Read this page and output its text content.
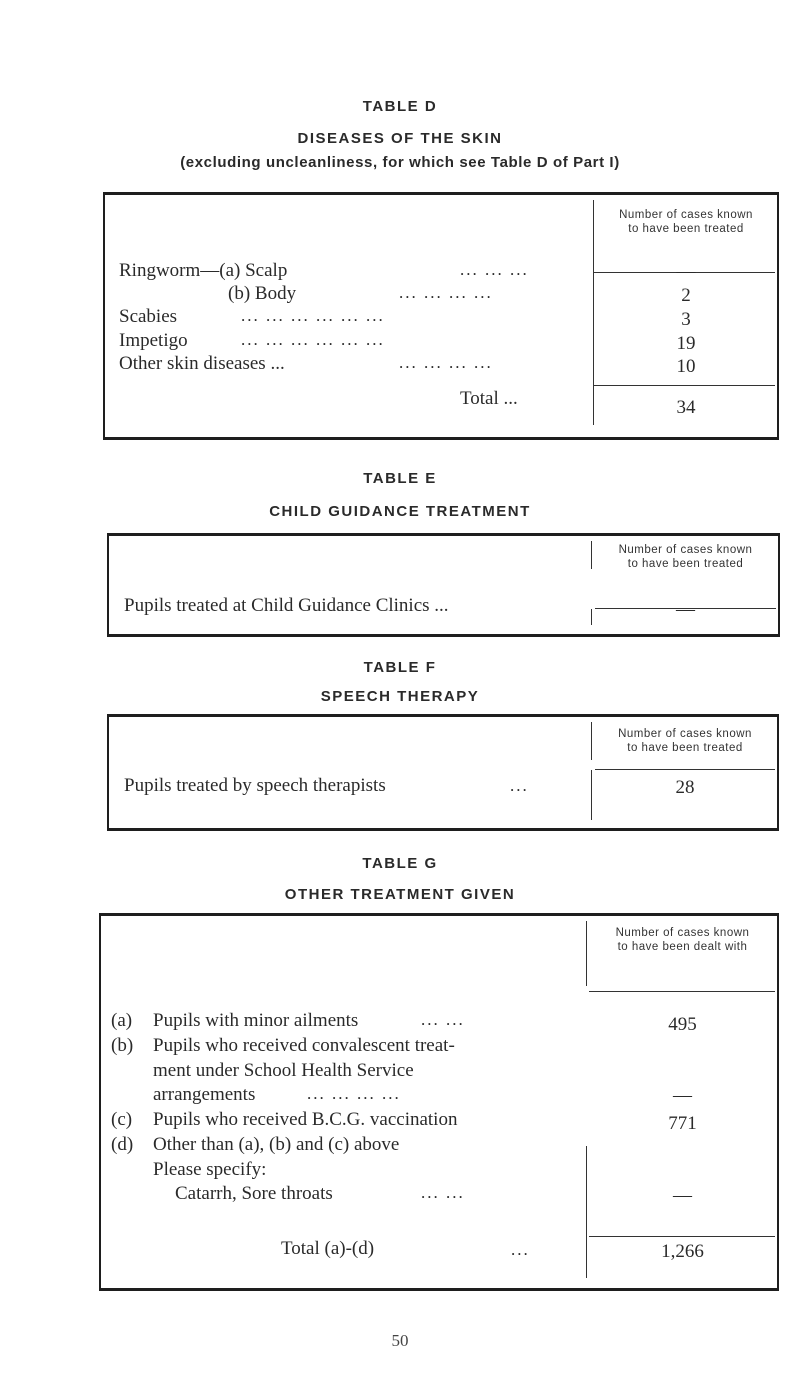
TABLE D
DISEASES OF THE SKIN
(excluding uncleanliness, for which see Table D of Part I)
Number of cases known
to have been treated
Ringworm—(a) Scalp	... ... ...	—
(b) Body	... ... ... ...	2
Scabies	... ... ... ... ... ...	3
Impetigo	... ... ... ... ... ...	19
Other skin diseases ...	... ... ... ...	10
Total ...	34
TABLE E
CHILD GUIDANCE TREATMENT
Number of cases known
to have been treated
Pupils treated at Child Guidance Clinics ...	—
TABLE F
SPEECH THERAPY
Number of cases known
to have been treated
Pupils treated by speech therapists	...	28
TABLE G
OTHER TREATMENT GIVEN
Number of cases known
to have been dealt with
(a) Pupils with minor ailments	... ...	495
(b) Pupils who received convalescent treat-
ment under School Health Service
arrangements	... ... ... ...	—
(c) Pupils who received B.C.G. vaccination	771
(d) Other than (a), (b) and (c) above
Please specify:
Catarrh, Sore throats	... ...	—
Total (a)-(d)	...	1,266
50
